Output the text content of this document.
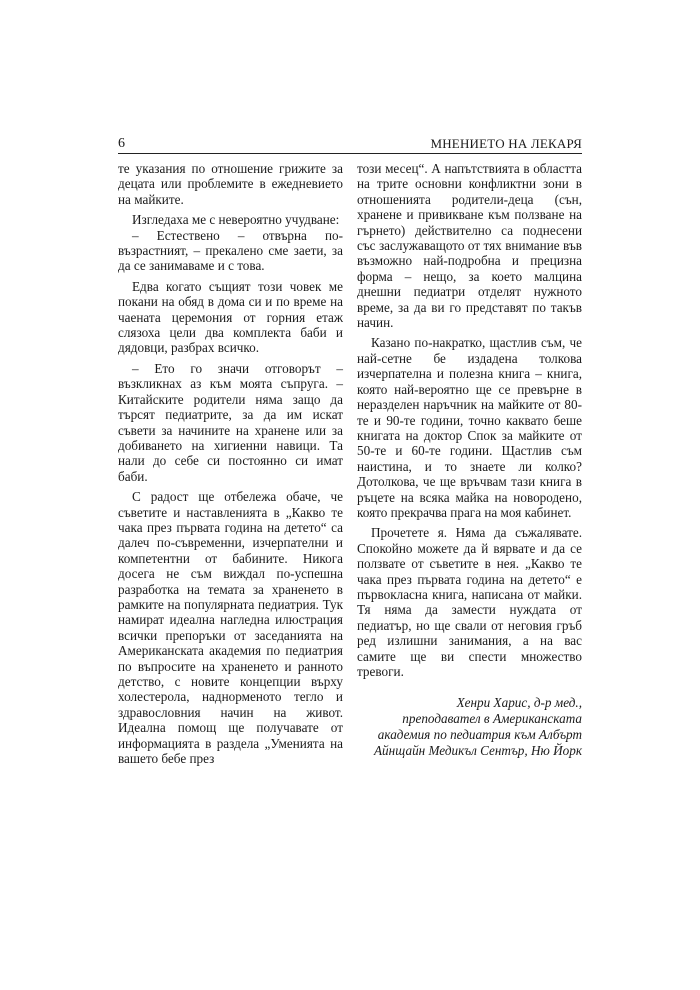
6	МНЕНИЕТО НА ЛЕКАРЯ

те указания по отношение грижите за децата или проблемите в ежедневието на майките.

Изгледаха ме с невероятно учудване:

– Естествено – отвърна по-възрастният, – прекалено сме заети, за да се занимаваме и с това.

Едва когато същият този човек ме покани на обяд в дома си и по време на чаената церемония от горния етаж слязоха цели два комплекта баби и дядовци, разбрах всичко.

– Ето го значи отговорът – възкликнах аз към моята съпруга. – Китайските родители няма защо да търсят педиатрите, за да им искат съвети за начините на хранене или за добиването на хигиенни навици. Та нали до себе си постоянно си имат баби.

С радост ще отбележа обаче, че съветите и наставленията в „Какво те чака през първата година на детето“ са далеч по-съвременни, изчерпателни и компетентни от бабините. Никога досега не съм виждал по-успешна разработка на темата за храненето в рамките на популярната педиатрия. Тук намират идеална нагледна илюстрация всички препоръки от заседанията на Американската академия по педиатрия по въпросите на храненето и ранното детство, с новите концепции върху холестерола, наднорменото тегло и здравословния начин на живот. Идеална помощ ще получавате от информацията в раздела „Уменията на вашето бебе през

този месец“. А напътствията в областта на трите основни конфликтни зони в отношенията родители-деца (сън, хранене и привикване към ползване на гърнето) действително са поднесени със заслужаващото от тях внимание във възможно най-подробна и прецизна форма – нещо, за което малцина днешни педиатри отделят нужното време, за да ви го представят по такъв начин.

Казано по-накратко, щастлив съм, че най-сетне бе издадена толкова изчерпателна и полезна книга – книга, която най-вероятно ще се превърне в неразделен наръчник на майките от 80-те и 90-те години, точно каквато беше книгата на доктор Спок за майките от 50-те и 60-те години. Щастлив съм наистина, и то знаете ли колко? Дотолкова, че ще връчвам тази книга в ръцете на всяка майка на новородено, която прекрачва прага на моя кабинет.

Прочетете я. Няма да съжалявате. Спокойно можете да й вярвате и да се ползвате от съветите в нея. „Какво те чака през първата година на детето“ е първокласна книга, написана от майки. Тя няма да замести нуждата от педиатър, но ще свали от неговия гръб ред излишни занимания, а на вас самите ще ви спести множество тревоги.

Хенри Харис, д-р мед.,
преподавател в Американската
академия по педиатрия към Албърт
Айнщайн Медикъл Сентър, Ню Йорк
